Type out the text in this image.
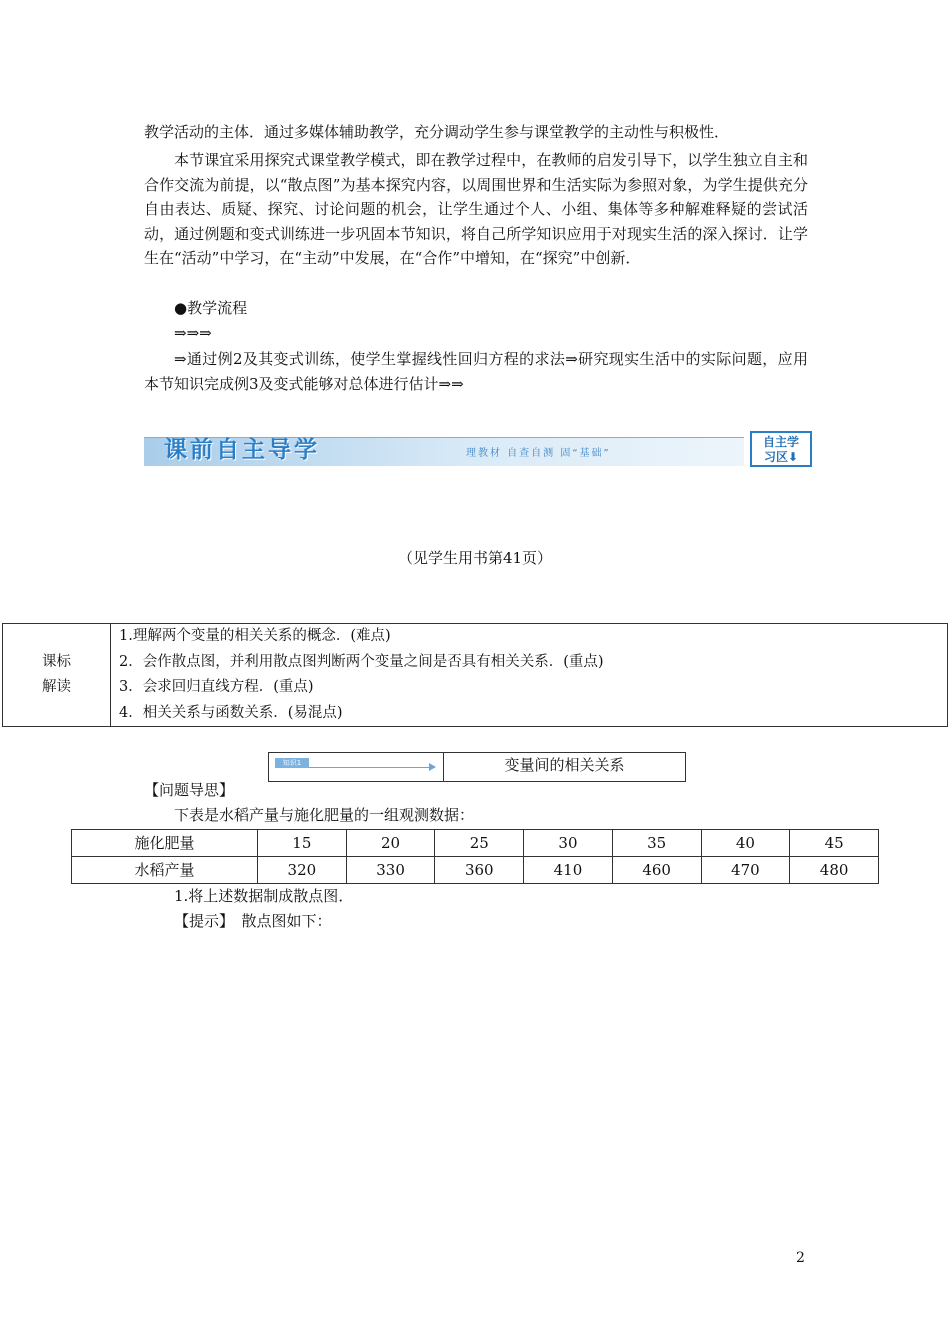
教学活动的主体．通过多媒体辅助教学，充分调动学生参与课堂教学的主动性与积极性．

本节课宜采用探究式课堂教学模式，即在教学过程中，在教师的启发引导下，以学生独立自主和合作交流为前提，以“散点图”为基本探究内容，以周围世界和生活实际为参照对象，为学生提供充分自由表达、质疑、探究、讨论问题的机会，让学生通过个人、小组、集体等多种解难释疑的尝试活动，通过例题和变式训练进一步巩固本节知识，将自己所学知识应用于对现实生活的深入探讨．让学生在“活动”中学习，在“主动”中发展，在“合作”中增知，在“探究”中创新．

●教学流程

⇒⇒⇒

⇒通过例2及其变式训练，使学生掌握线性回归方程的求法⇒研究现实生活中的实际问题，应用本节知识完成例3及变式能够对总体进行估计⇒⇒

课前自主导学	理教材 自查自测 固“基础”
自主学
习区⬇
（见学生用书第41页）
课标
解读

1.理解两个变量的相关关系的概念．(难点)
2．会作散点图，并利用散点图判断两个变量之间是否具有相关关系．(重点)
3．会求回归直线方程．(重点)
4．相关关系与函数关系．(易混点)
知识1	变量间的相关关系

【问题导思】

下表是水稻产量与施化肥量的一组观测数据：

施化肥量	15	20	25	30	35	40	45
水稻产量	320	330	360	410	460	470	480

1.将上述数据制成散点图．

【提示】　散点图如下：

2
